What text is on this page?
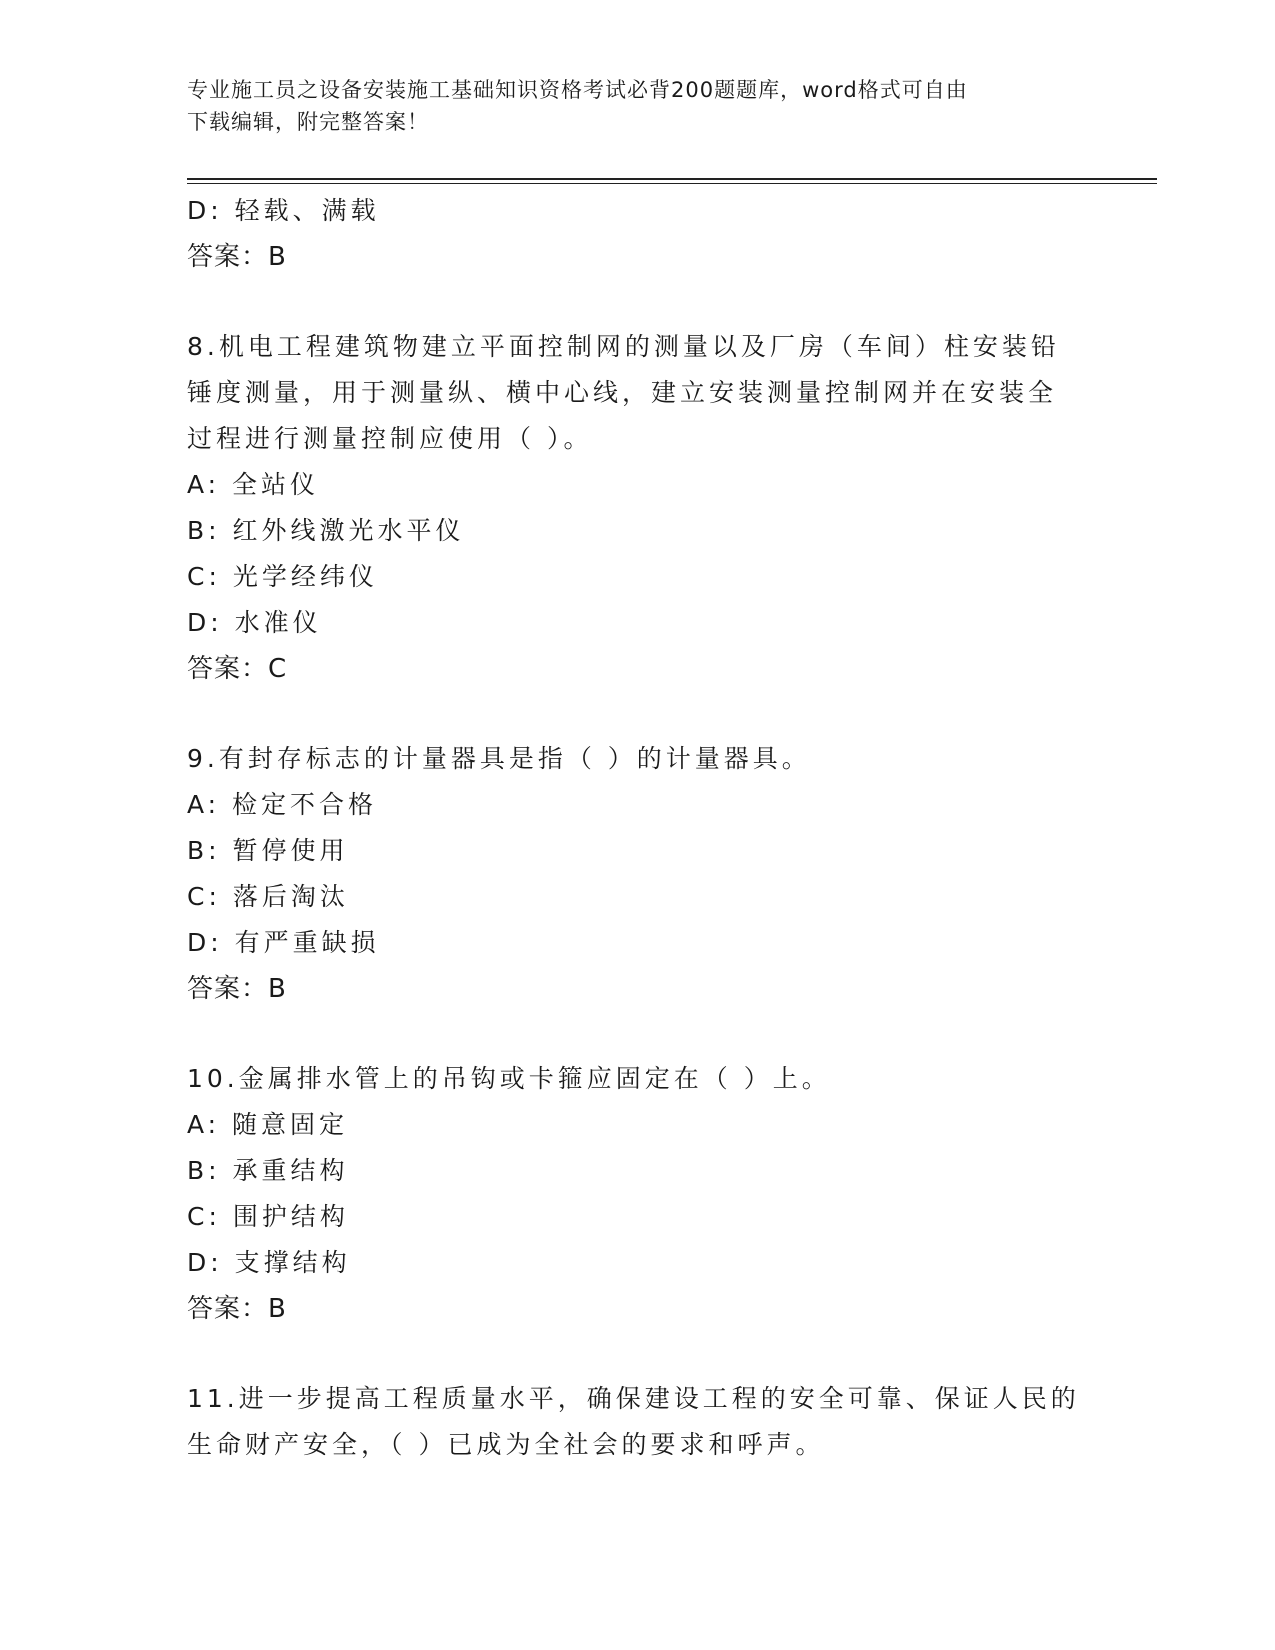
专业施工员之设备安装施工基础知识资格考试必背200题题库，word格式可自由
下载编辑，附完整答案！
D: 轻载、满载
答案：B
8.机电工程建筑物建立平面控制网的测量以及厂房（车间）柱安装铅
锤度测量，用于测量纵、横中心线，建立安装测量控制网并在安装全
过程进行测量控制应使用（ ）。
A: 全站仪
B: 红外线激光水平仪
C: 光学经纬仪
D: 水准仪
答案：C
9.有封存标志的计量器具是指（ ）的计量器具。
A: 检定不合格
B: 暂停使用
C: 落后淘汰
D: 有严重缺损
答案：B
10.金属排水管上的吊钩或卡箍应固定在（ ）上。
A: 随意固定
B: 承重结构
C: 围护结构
D: 支撑结构
答案：B
11.进一步提高工程质量水平，确保建设工程的安全可靠、保证人民的
生命财产安全，（ ）已成为全社会的要求和呼声。
